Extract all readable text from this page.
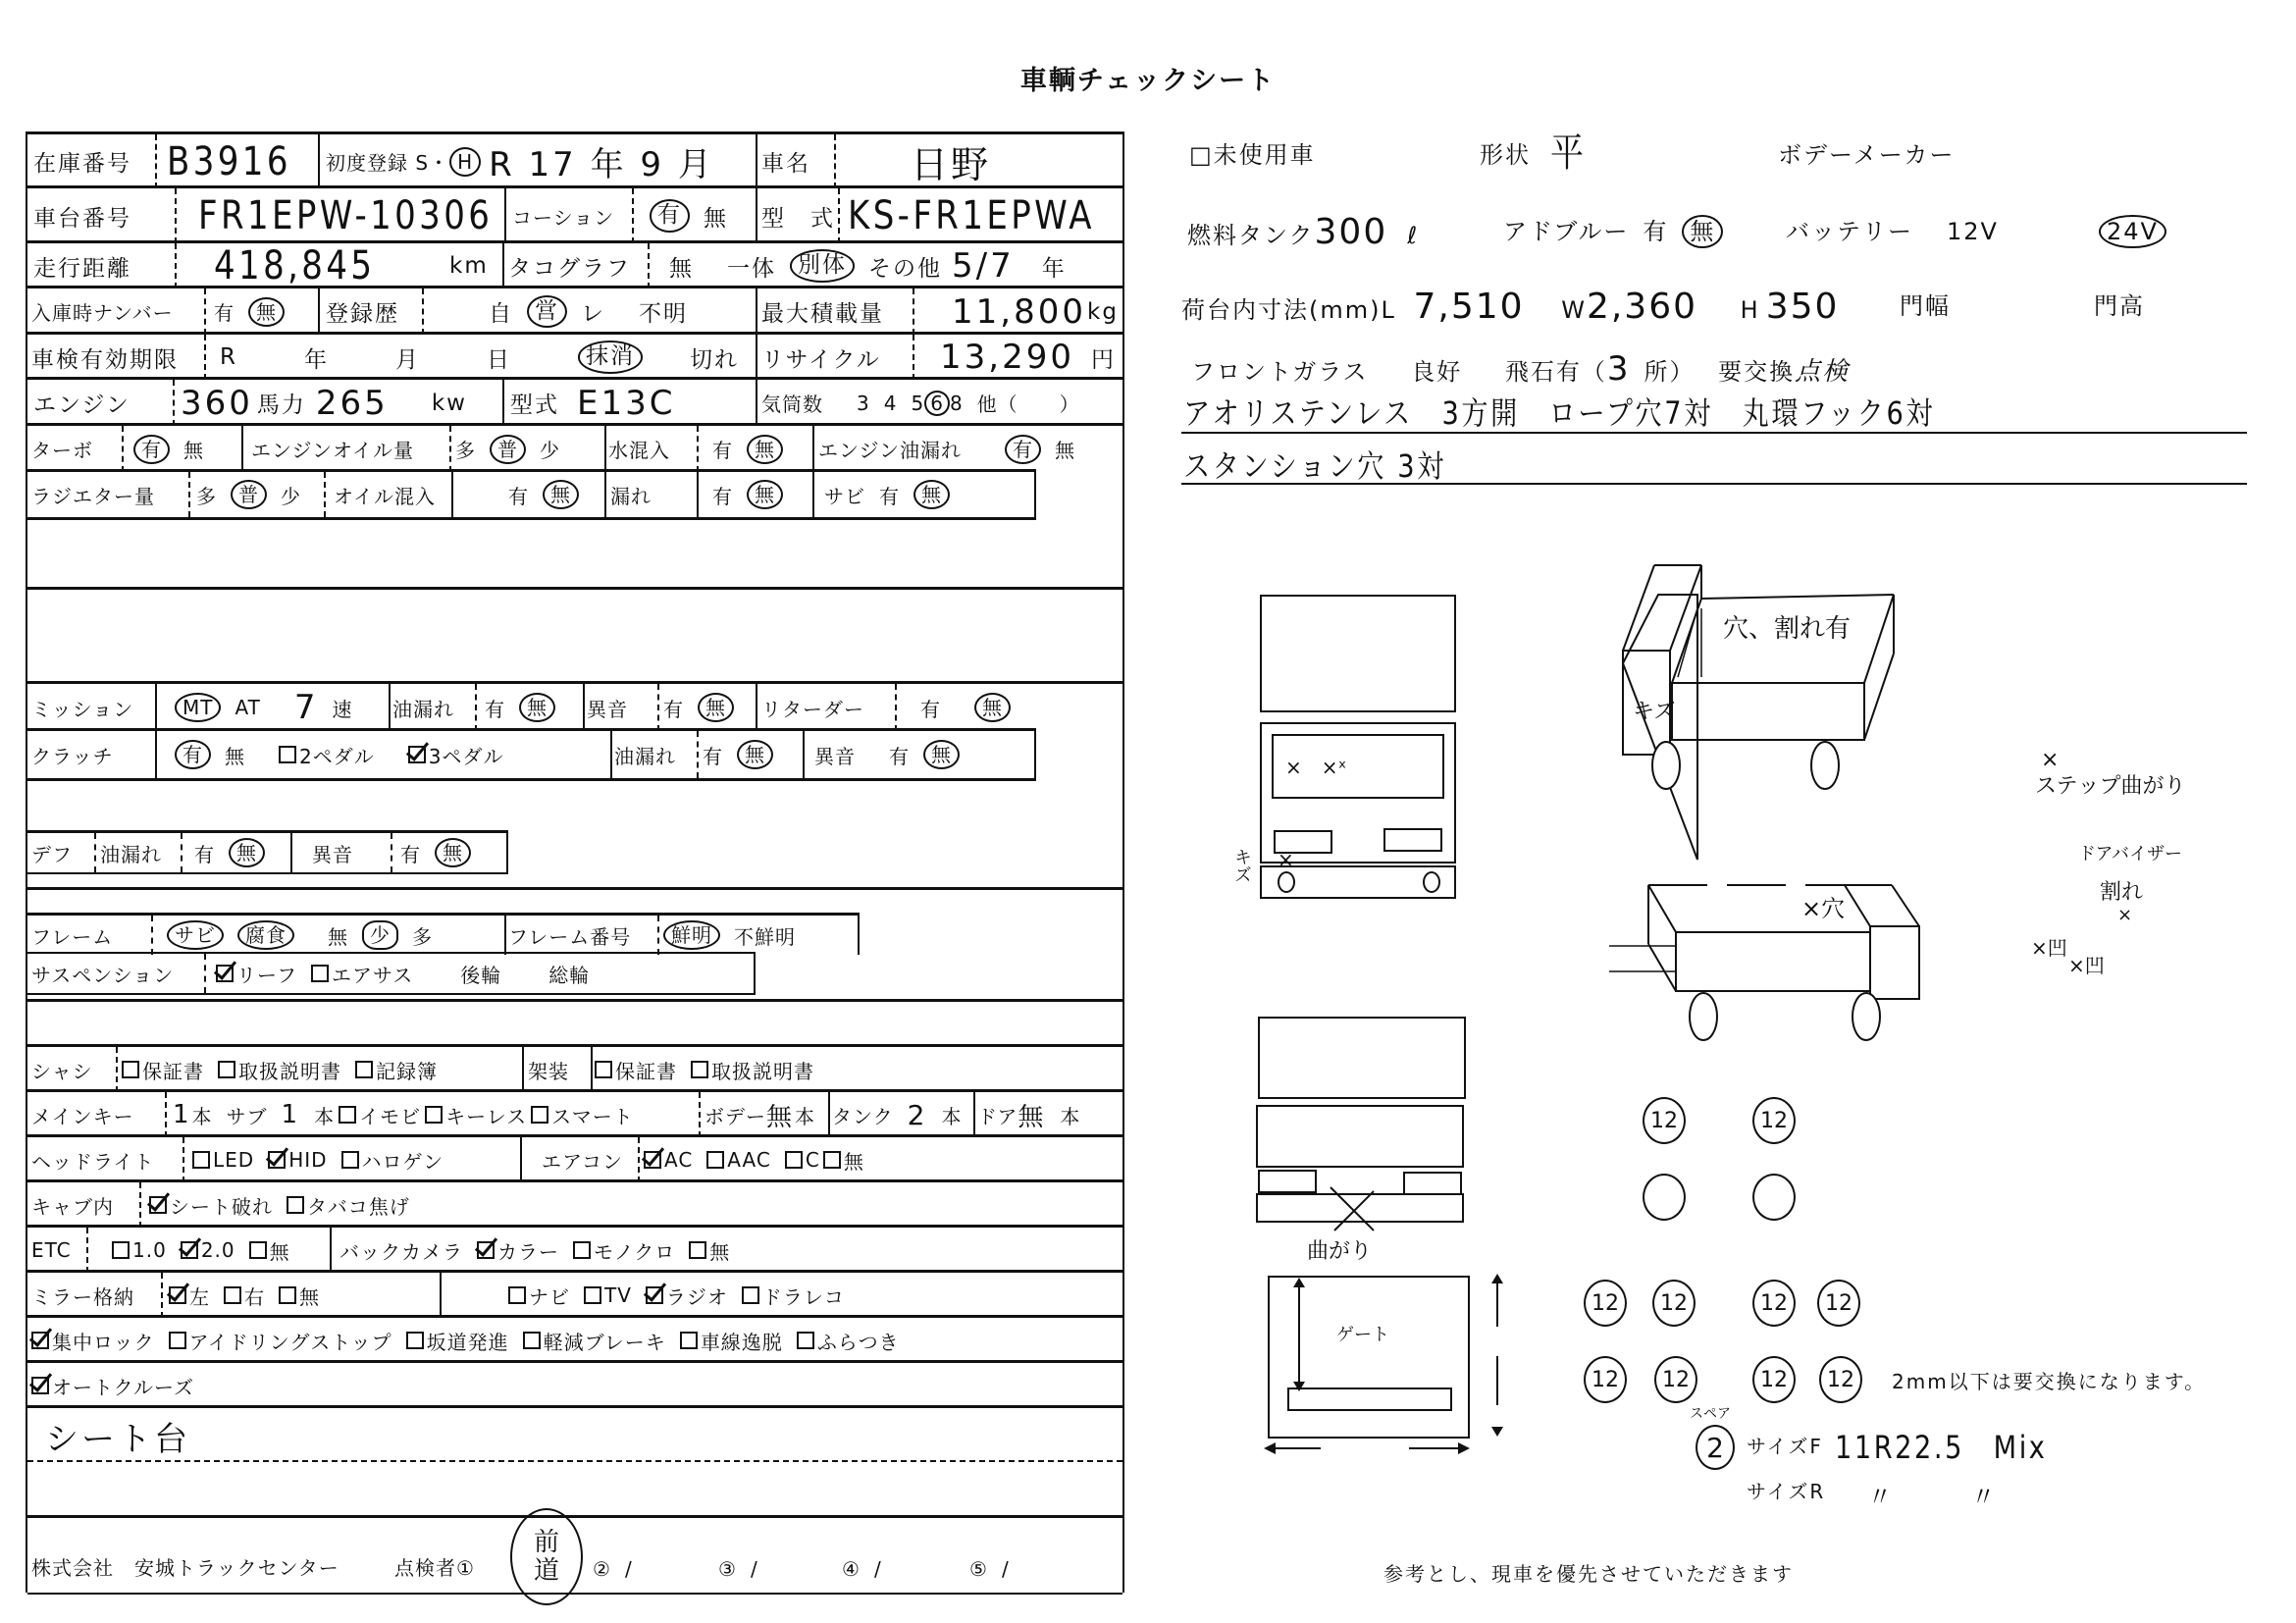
車輌チェックシート
在庫番号 B3916 初度登録 S・ H R 17 年 9 月 車名	日野
車台番号 FR1EPW-10306 コーション	有 無 型　式 KS-FR1EPWA
走行距離 418,845	km タコグラフ 無 一体 別体 その他 5/7 年
入庫時ナンバー 有	無	登録歴	自 営 レ 不明	最大積載量 11,800 kg
車検有効期限 R	年	月	日	抹消	切れ リサイクル 13,290 円
エンジン 360 馬力 265 kw 型式 E13C	気筒数 3 4 5 6 8 他（　　）
ターボ	有	無 エンジンオイル量 多	普	少 水混入 有	無	エンジン油漏れ	有	無
ラジエター量 多	普	少 オイル混入	有	無	漏れ	有	無	サビ 有	無
ミッション	MT	AT 7 速 油漏れ 有	無	異音 有	無	リターダー	有	無
クラッチ	有	無	2ペダル	3ペダル	油漏れ 有	無	異音 有	無
デフ 油漏れ 有	無	異音 有	無
フレーム	サビ	腐食	無	少	多	フレーム番号	鮮明	不鮮明
サスペンション	リーフ エアサス 後輪 総輪
シャシ	保証書 取扱説明書 記録簿	架装 保証書 取扱説明書
メインキー 1 本 サブ 1 本 イモビ キーレス スマート	ボデー 無 本 タンク 2 本 ドア 無 本
ヘッドライト	LED HID ハロゲン	エアコン AC AAC C 無
キャブ内	シート破れ タバコ焦げ
ETC	1.0 2.0 無	バックカメラ カラー モノクロ 無
ミラー格納	左 右 無	ナビ TV ラジオ ドラレコ
集中ロック アイドリングストップ 坂道発進 軽減ブレーキ 車線逸脱 ふらつき
オートクルーズ
シート台
株式会社　安城トラックセンター	点検者①
前
道 ② /	③ /	④ /	⑤ /
□未使用車	形状 平	ボデーメーカー
燃料タンク300 ℓ	アドブルー 有 無	バッテリー 12V	24V
荷台内寸法(mm)L 7,510 W2,360 H 350	門幅	門高
フロントガラス 良好 飛石有（3 所） 要交換点検
アオリステンレス　3方開　ロープ穴7対　丸環フック6対
スタンション穴 3対
×　×ˣ
キズ ×
穴、割れ有
キズ
×
ステップ曲がり
×穴
ドアバイザー
割れ
×凹
×凹
×
曲がり
ゲート
12	12
12	12	12	12
12	12	12	12	2mm以下は要交換になります。
スペア
2	サイズF 11R22.5　Mix
サイズR 〃　　　〃
参考とし、現車を優先させていただきます
